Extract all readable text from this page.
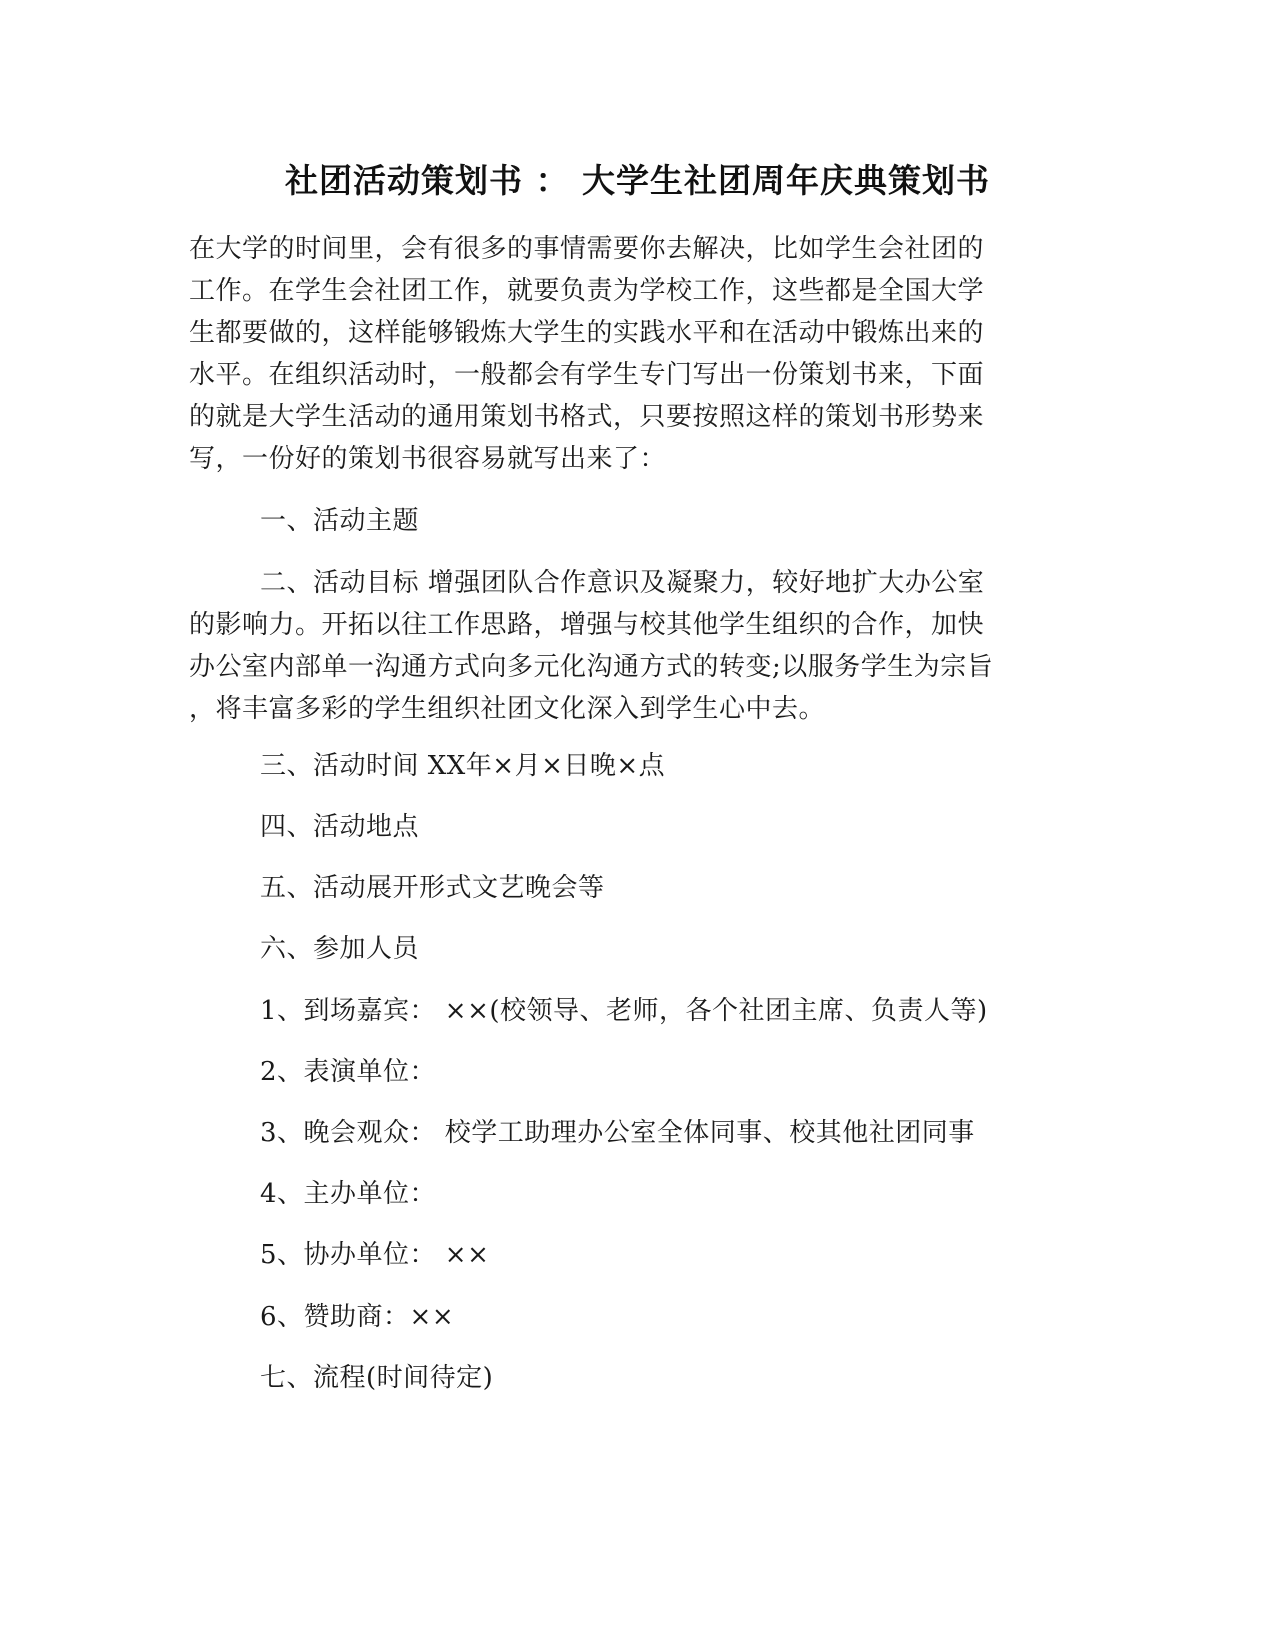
社团活动策划书 ： 大学生社团周年庆典策划书

在大学的时间里，会有很多的事情需要你去解决，比如学生会社团的
工作。在学生会社团工作，就要负责为学校工作，这些都是全国大学
生都要做的，这样能够锻炼大学生的实践水平和在活动中锻炼出来的
水平。在组织活动时，一般都会有学生专门写出一份策划书来，下面
的就是大学生活动的通用策划书格式，只要按照这样的策划书形势来
写，一份好的策划书很容易就写出来了：

一、活动主题

二、活动目标 增强团队合作意识及凝聚力，较好地扩大办公室
的影响力。开拓以往工作思路，增强与校其他学生组织的合作，加快
办公室内部单一沟通方式向多元化沟通方式的转变;以服务学生为宗旨
，将丰富多彩的学生组织社团文化深入到学生心中去。

三、活动时间 XX年×月×日晚×点

四、活动地点

五、活动展开形式文艺晚会等

六、参加人员

1、到场嘉宾： ××(校领导、老师，各个社团主席、负责人等)

2、表演单位：

3、晚会观众： 校学工助理办公室全体同事、校其他社团同事

4、主办单位：

5、协办单位： ××

6、赞助商：××

七、流程(时间待定)
